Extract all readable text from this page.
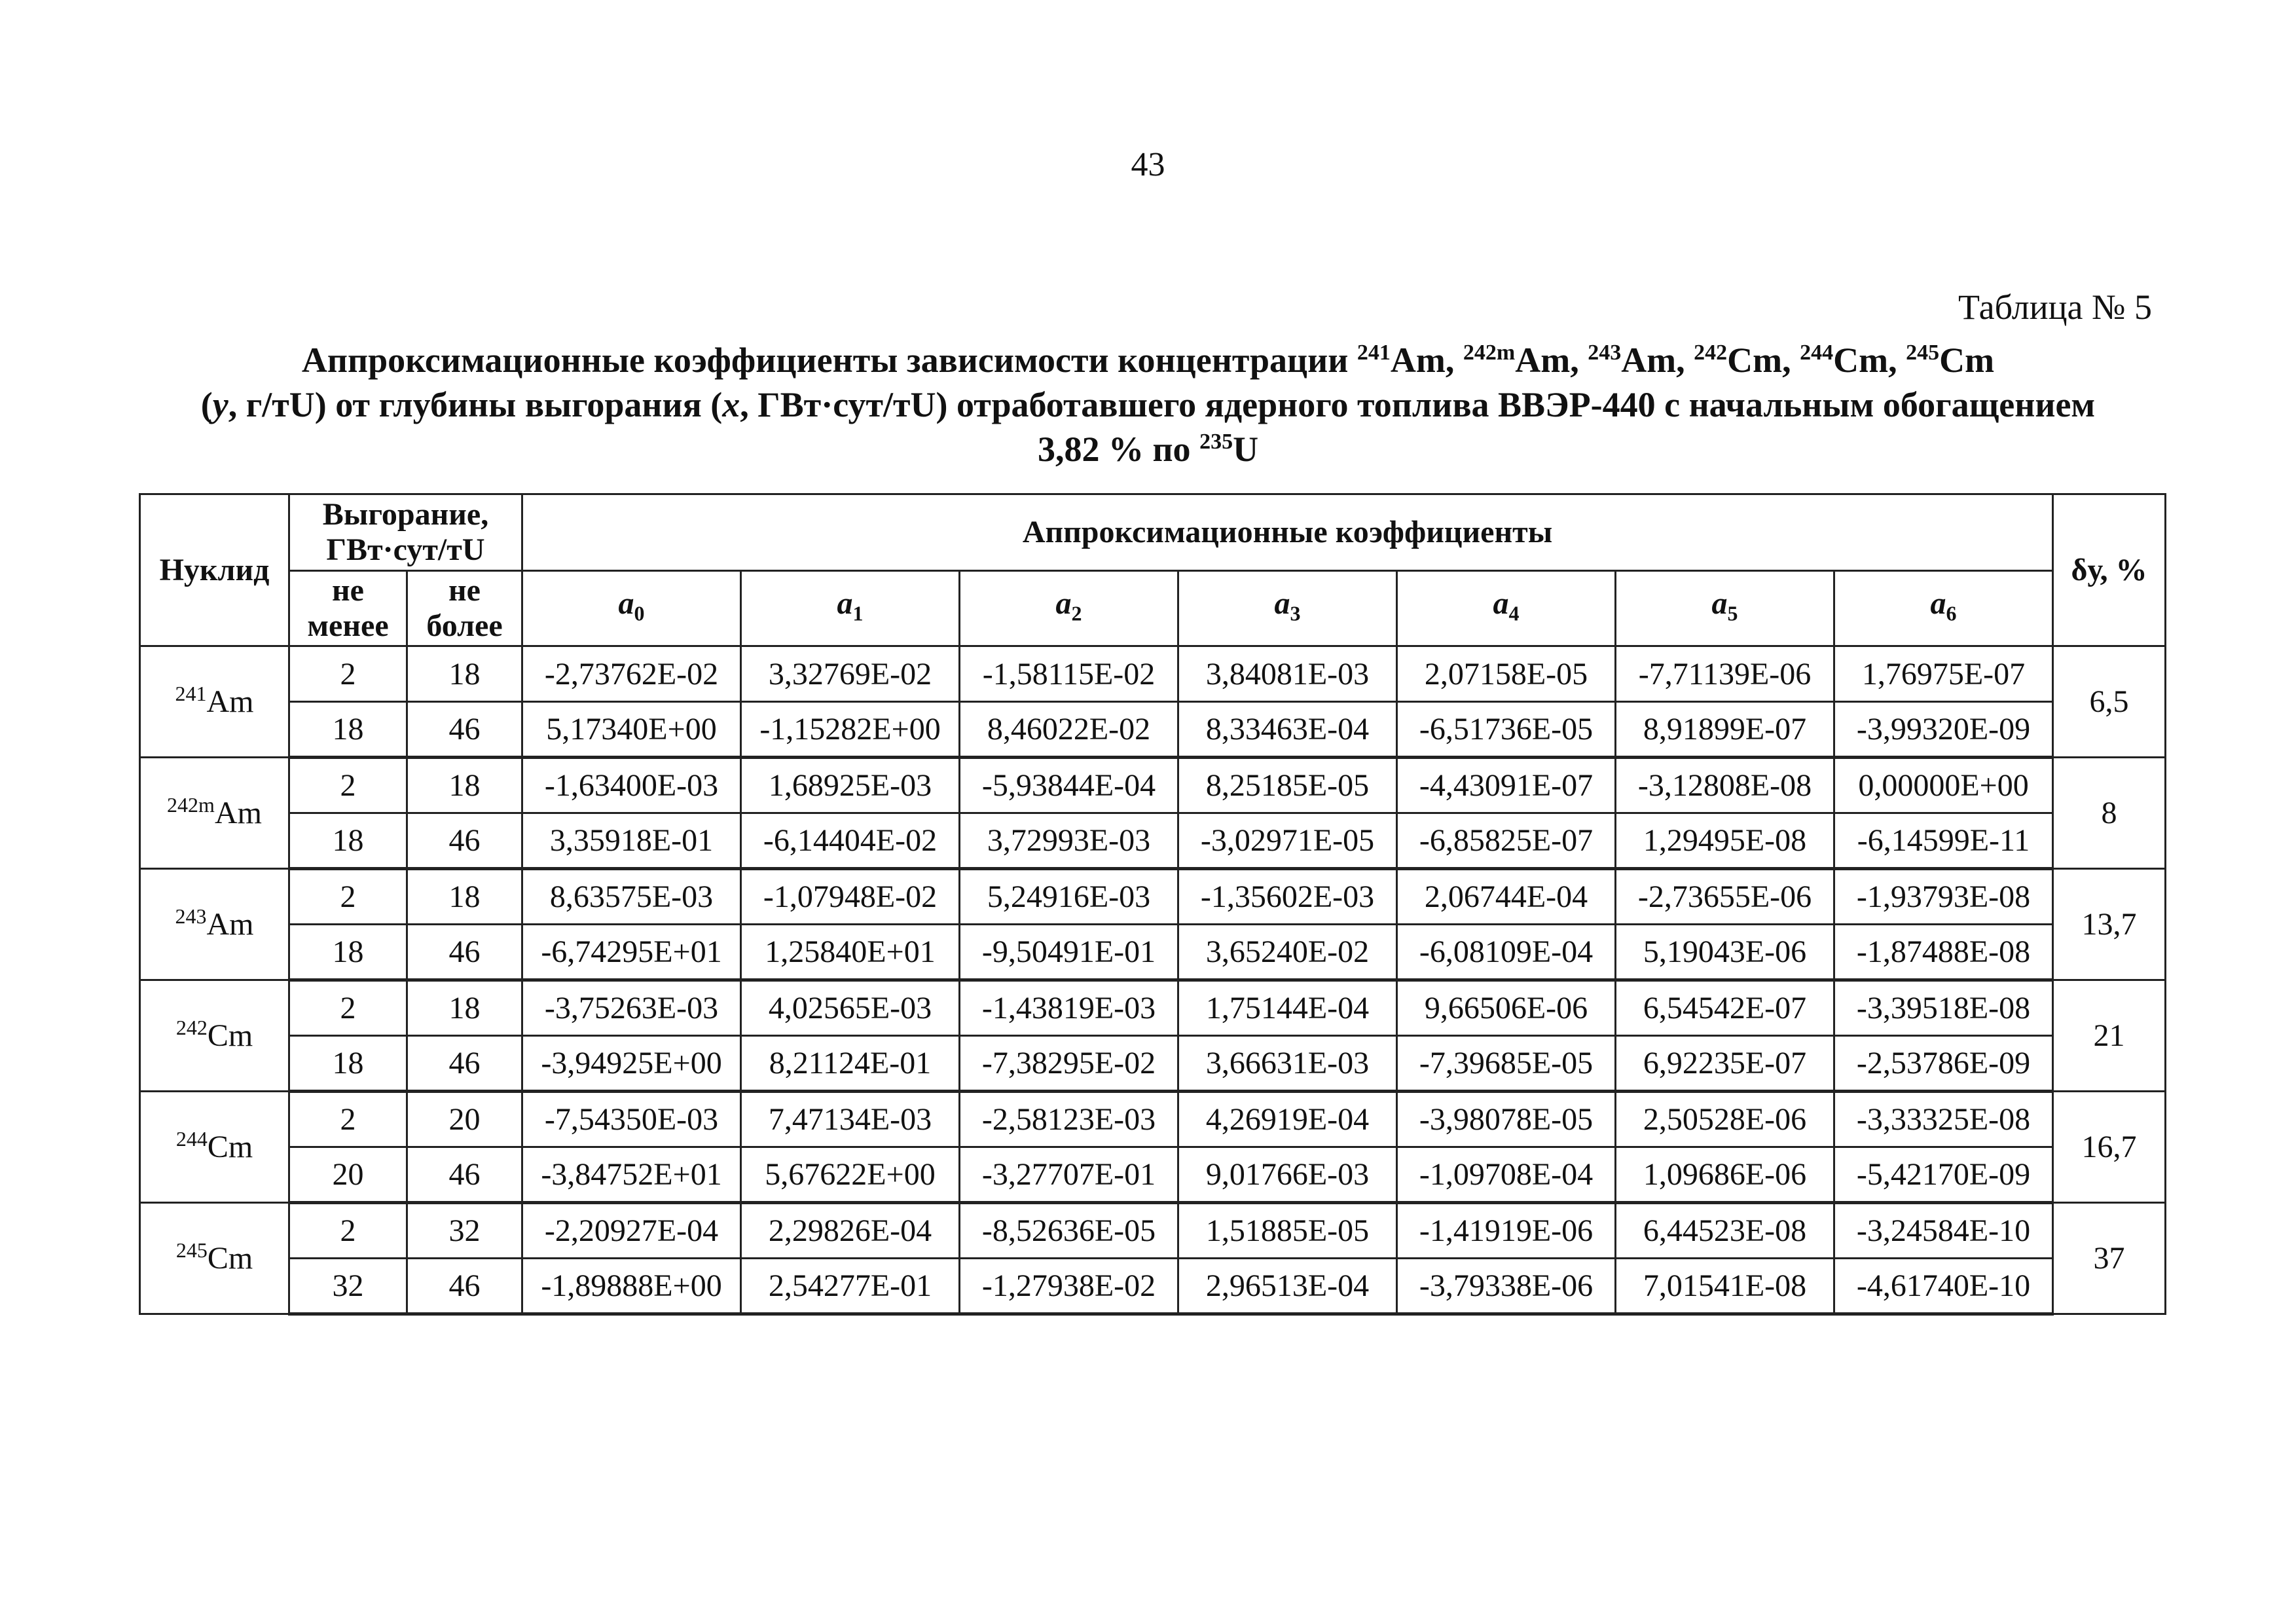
43
Таблица № 5
Аппроксимационные коэффициенты зависимости концентрации $^{241}$Am, $^{242m}$Am, $^{243}$Am, $^{242}$Cm, $^{244}$Cm, $^{245}$Cm
(y, г/тU) от глубины выгорания (x, ГВт·сут/тU) отработавшего ядерного топлива ВВЭР-440 с начальным обогащением 3,82 % по $^{235}$U
Нуклид	Выгорание, ГВт·сут/тU		Аппроксимационные коэффициенты							δу, %
	не менее	не более	$a_0$	$a_1$	$a_2$	$a_3$	$a_4$	$a_5$	$a_6$
$^{241}$Am	2	18	-2,73762E-02	3,32769E-02	-1,58115E-02	3,84081E-03	2,07158E-05	-7,71139E-06	1,76975E-07	6,5
	18	46	5,17340E+00	-1,15282E+00	8,46022E-02	8,33463E-04	-6,51736E-05	8,91899E-07	-3,99320E-09	
$^{242m}$Am	2	18	-1,63400E-03	1,68925E-03	-5,93844E-04	8,25185E-05	-4,43091E-07	-3,12808E-08	0,00000E+00	8
	18	46	3,35918E-01	-6,14404E-02	3,72993E-03	-3,02971E-05	-6,85825E-07	1,29495E-08	-6,14599E-11	
$^{243}$Am	2	18	8,63575E-03	-1,07948E-02	5,24916E-03	-1,35602E-03	2,06744E-04	-2,73655E-06	-1,93793E-08	13,7
	18	46	-6,74295E+01	1,25840E+01	-9,50491E-01	3,65240E-02	-6,08109E-04	5,19043E-06	-1,87488E-08	
$^{242}$Cm	2	18	-3,75263E-03	4,02565E-03	-1,43819E-03	1,75144E-04	9,66506E-06	6,54542E-07	-3,39518E-08	21
	18	46	-3,94925E+00	8,21124E-01	-7,38295E-02	3,66631E-03	-7,39685E-05	6,92235E-07	-2,53786E-09	
$^{244}$Cm	2	20	-7,54350E-03	7,47134E-03	-2,58123E-03	4,26919E-04	-3,98078E-05	2,50528E-06	-3,33325E-08	16,7
	20	46	-3,84752E+01	5,67622E+00	-3,27707E-01	9,01766E-03	-1,09708E-04	1,09686E-06	-5,42170E-09	
$^{245}$Cm	2	32	-2,20927E-04	2,29826E-04	-8,52636E-05	1,51885E-05	-1,41919E-06	6,44523E-08	-3,24584E-10	37
	32	46	-1,89888E+00	2,54277E-01	-1,27938E-02	2,96513E-04	-3,79338E-06	7,01541E-08	-4,61740E-10	
